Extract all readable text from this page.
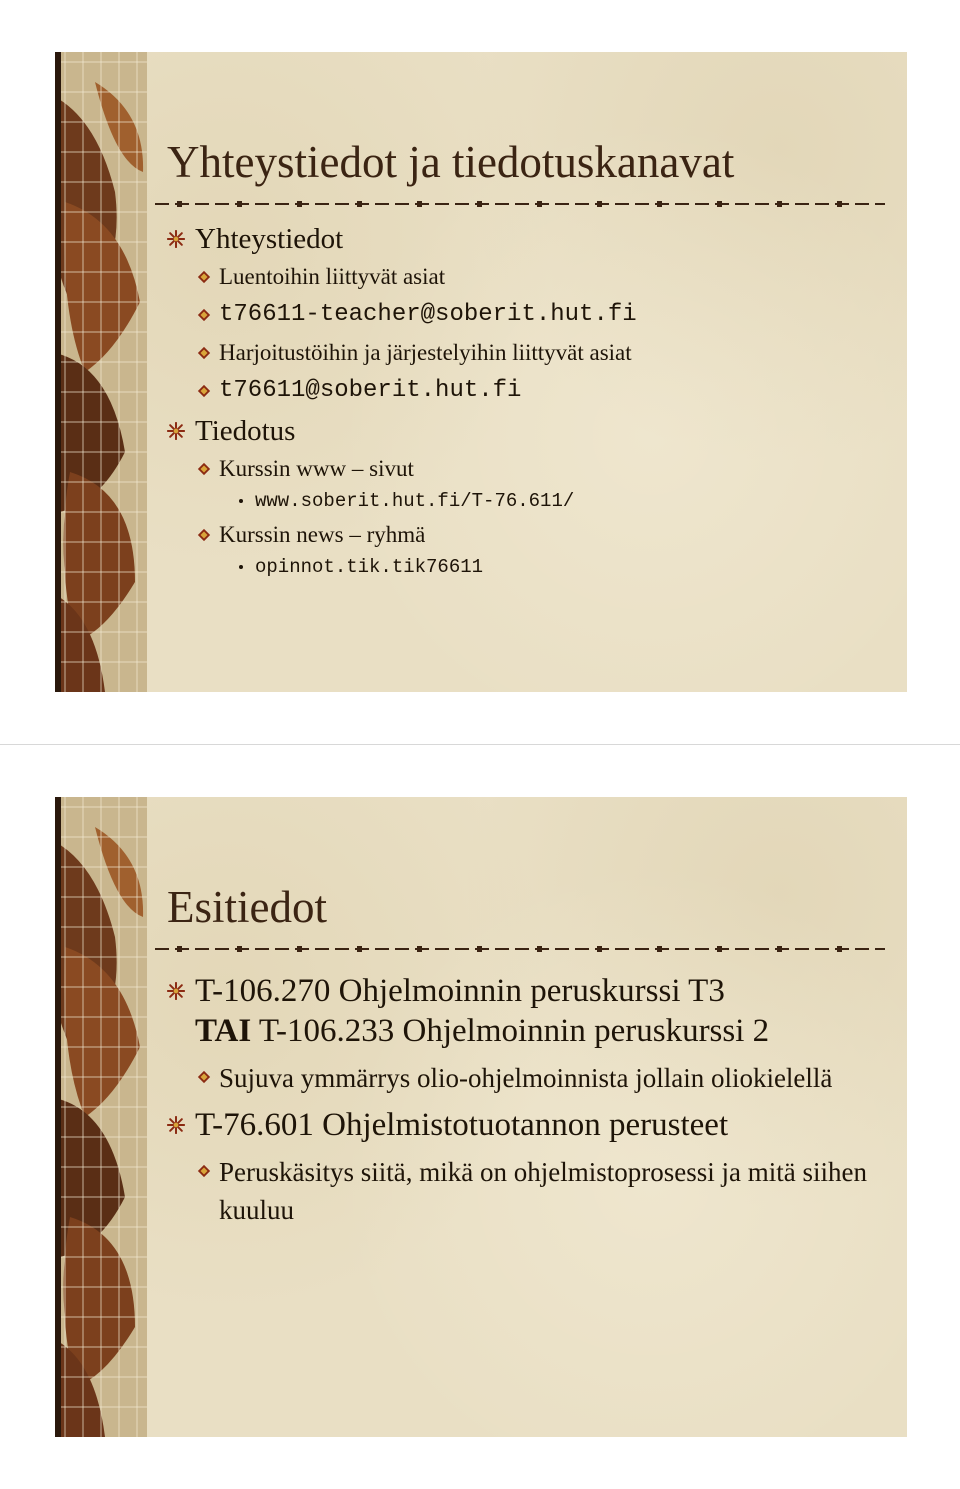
Yhteystiedot ja tiedotuskanavat
Yhteystiedot
Luentoihin liittyvät asiat
t76611-teacher@soberit.hut.fi
Harjoitustöihin ja järjestelyihin liittyvät asiat
t76611@soberit.hut.fi
Tiedotus
Kurssin www – sivut
www.soberit.hut.fi/T-76.611/
Kurssin news – ryhmä
opinnot.tik.tik76611
Esitiedot
T-106.270 Ohjelmoinnin peruskurssi T3
TAI T-106.233 Ohjelmoinnin peruskurssi 2
Sujuva ymmärrys olio-ohjelmoinnista jollain oliokielellä
T-76.601 Ohjelmistotuotannon perusteet
Peruskäsitys siitä, mikä on ohjelmistoprosessi ja mitä siihen kuuluu
